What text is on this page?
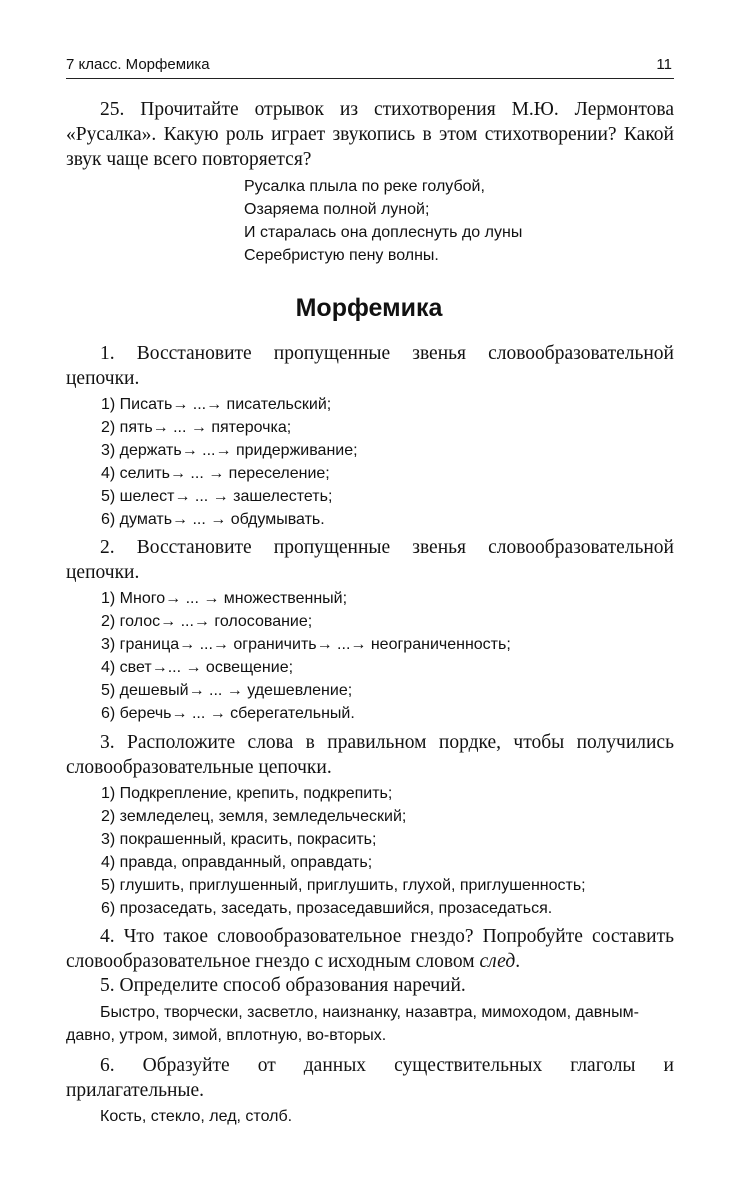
7 класс. Морфемика	11

25. Прочитайте отрывок из стихотворения М.Ю. Лермонтова «Русалка». Какую роль играет звукопись в этом стихотворении? Какой звук чаще всего повторяется?

Русалка плыла по реке голубой,
Озаряема полной луной;
И старалась она доплеснуть до луны
Серебристую пену волны.
Морфемика

1. Восстановите пропущенные звенья словообразовательной цепочки.

1) Писать→ ...→ писательский;
2) пять→ ... → пятерочка;
3) держать→ ...→ придерживание;
4) селить→ ... → переселение;
5) шелест→ ... → зашелестеть;
6) думать→ ... → обдумывать.

2. Восстановите пропущенные звенья словообразовательной цепочки.

1) Много→ ... → множественный;
2) голос→ ...→ голосование;
3) граница→ ...→ ограничить→ ...→ неограниченность;
4) свет→... → освещение;
5) дешевый→ ... → удешевление;
6) беречь→ ... → сберегательный.

3. Расположите слова в правильном пордке, чтобы получились словообразовательные цепочки.

1) Подкрепление, крепить, подкрепить;
2) земледелец, земля, земледельческий;
3) покрашенный, красить, покрасить;
4) правда, оправданный, оправдать;
5) глушить, приглушенный, приглушить, глухой, приглушенность;
6) прозаседать, заседать, прозаседавшийся, прозаседаться.

4. Что такое словообразовательное гнездо? Попробуйте составить словообразовательное гнездо с исходным словом след.

5. Определите способ образования наречий.

Быстро, творчески, засветло, наизнанку, назавтра, мимоходом, давным-давно, утром, зимой, вплотную, во-вторых.

6. Образуйте от данных существительных глаголы и прилагательные.

Кость, стекло, лед, столб.
